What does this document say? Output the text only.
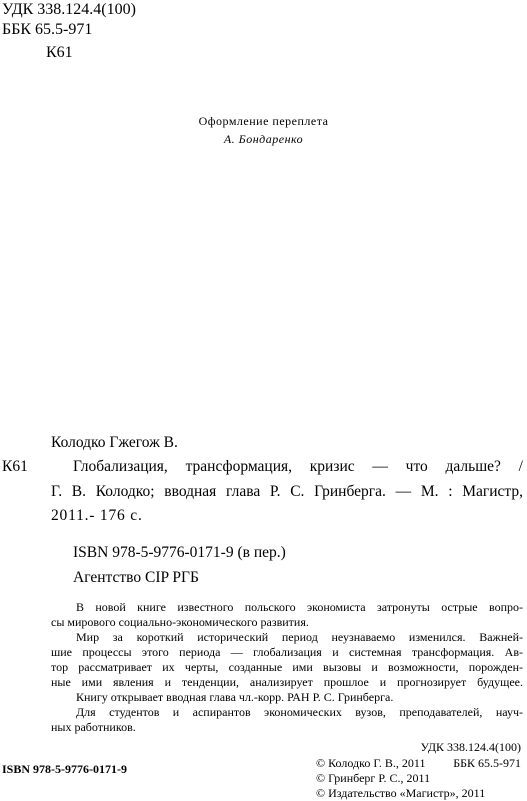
УДК 338.124.4(100)
ББК 65.5-971
К61
Оформление переплета
А. Бондаренко
Колодко Гжегож В.
К61	Глобализация, трансформация, кризис — что дальше? /
Г. В. Колодко; вводная глава Р. С. Гринберга. — М. : Магистр,
2011.- 176 с.
ISBN 978-5-9776-0171-9 (в пер.)
Агентство CIP РГБ
В новой книге известного польского экономиста затронуты острые вопро-
сы мирового социально-экономического развития.
Мир за короткий исторический период неузнаваемо изменился. Важней-
шие процессы этого периода — глобализация и системная трансформация. Ав-
тор рассматривает их черты, созданные ими вызовы и возможности, порожден-
ные ими явления и тенденции, анализирует прошлое и прогнозирует будущее.
Книгу открывает вводная глава чл.-корр. РАН Р. С. Гринберга.
Для студентов и аспирантов экономических вузов, преподавателей, науч-
ных работников.
УДК 338.124.4(100)
ББК 65.5-971
ISBN 978-5-9776-0171-9	© Колодко Г. В., 2011
© Гринберг Р. С., 2011
© Издательство «Магистр», 2011
